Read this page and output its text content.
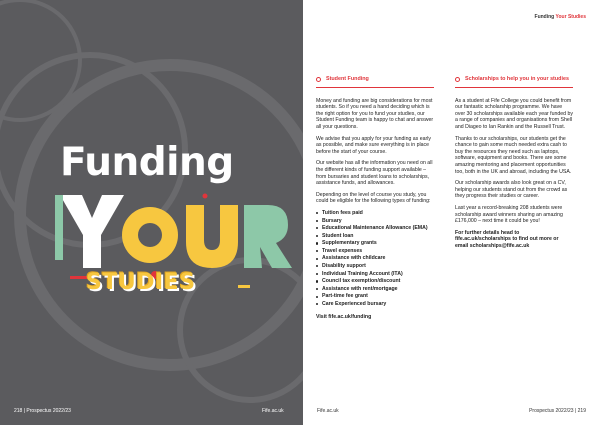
Funding
STUDIES
218 | Prospectus 2022/23	Fife.ac.uk
Funding Your Studies
Student Funding

Money and funding are big considerations for most students. So if you need a hand deciding which is the right option for you to fund your studies, our Student Funding team is happy to chat and answer all your questions.

We advise that you apply for your funding as early as possible, and make sure everything is in place before the start of your course.

Our website has all the information you need on all the different kinds of funding support available – from bursaries and student loans to scholarships, assistance funds, and allowances.

Depending on the level of course you study, you could be eligible for the following types of funding:

Tuition fees paid
Bursary
Educational Maintenance Allowance (EMA)
Student loan
Supplementary grants
Travel expenses
Assistance with childcare
Disability support
Individual Training Account (ITA)
Council tax exemption/discount
Assistance with rent/mortgage
Part-time fee grant
Care Experienced bursary

Visit fife.ac.uk/funding

Scholarships to help you in your studies

As a student at Fife College you could benefit from our fantastic scholarship programme. We have over 30 scholarships available each year funded by a range of companies and organisations from Shell and Diageo to Ian Rankin and the Russell Trust.

Thanks to our scholarships, our students get the chance to gain some much needed extra cash to buy the resources they need such as laptops, software, equipment and books. There are some amazing mentoring and placement opportunities too, both in the UK and abroad, including the USA.

Our scholarship awards also look great on a CV, helping our students stand out from the crowd as they progress their studies or career.

Last year a record-breaking 208 students were scholarship award winners sharing an amazing £176,000 – next time it could be you!

For further details head to fife.ac.uk/scholarships to find out more or email scholarships@fife.ac.uk

Fife.ac.uk	Prospectus 2022/23 | 219
